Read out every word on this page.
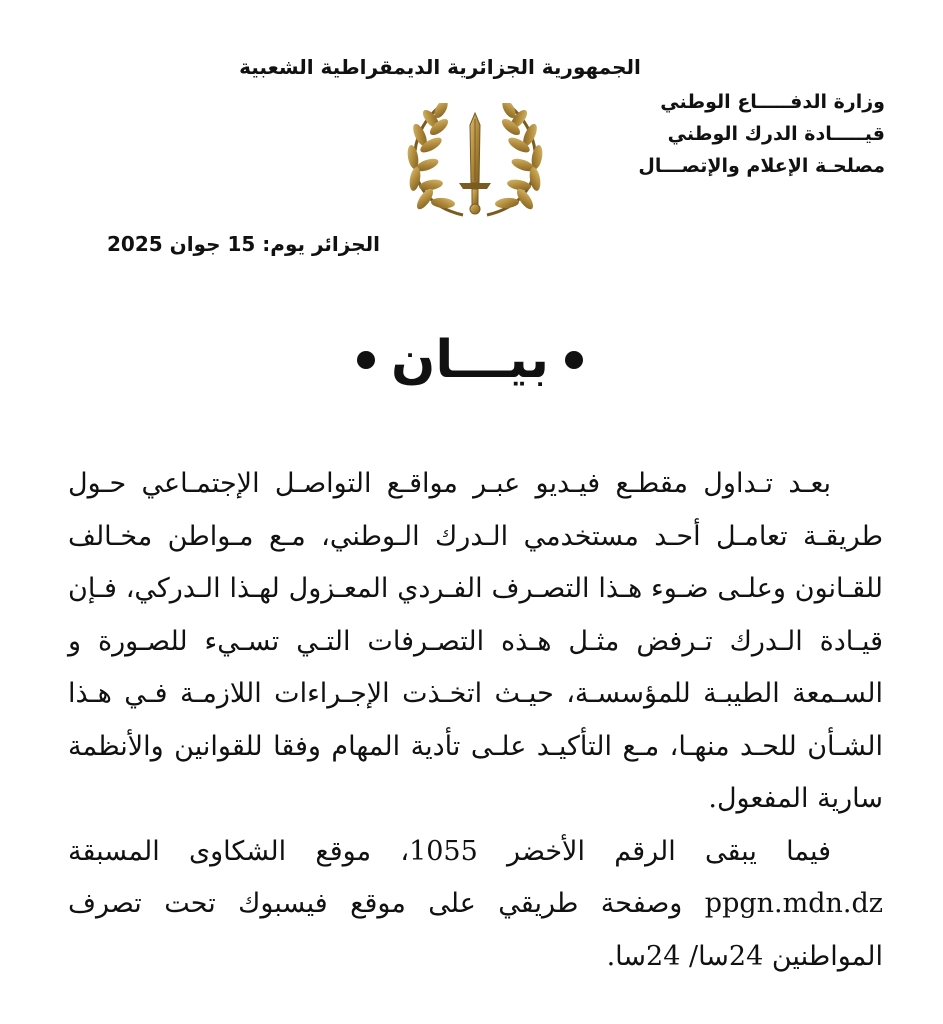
الجمهورية الجزائرية الديمقراطية الشعبية
وزارة الدفـــــاع الوطني
قيـــــادة الدرك الوطني
مصلحـة الإعلام والإتصـــال
الجزائر يوم: 15 جوان 2025
بيـــان

بعـد تـداول مقطـع فيـديو عبـر مواقـع التواصـل الإجتمـاعي حـول طريقـة تعامـل أحـد مستخدمي الـدرك الـوطني، مـع مـواطن مخـالف للقـانون وعلـى ضـوء هـذا التصـرف الفـردي المعـزول لهـذا الـدركي، فـإن قيـادة الـدرك تـرفض مثـل هـذه التصـرفات التـي تسـيء للصـورة و السـمعة الطيبـة للمؤسسـة، حيـث اتخـذت الإجـراءات اللازمـة فـي هـذا الشـأن للحـد منهـا، مـع التأكيـد علـى تأدية المهام وفقا للقوانين والأنظمة سارية المفعول.

فيما يبقى الرقم الأخضر 1055، موقع الشكاوى المسبقة ppgn.mdn.dz وصفحة طريقي على موقع فيسبوك تحت تصرف المواطنين 24سا/ 24سا.
